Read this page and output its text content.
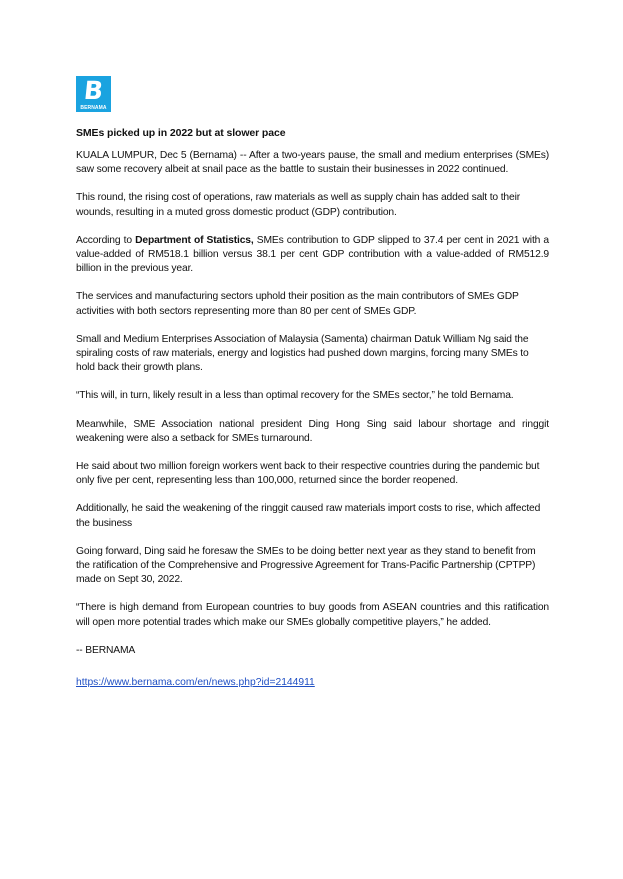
B
BERNAMA
SMEs picked up in 2022 but at slower pace

KUALA LUMPUR, Dec 5 (Bernama) -- After a two-years pause, the small and medium enterprises (SMEs) saw some recovery albeit at snail pace as the battle to sustain their businesses in 2022 continued.

This round, the rising cost of operations, raw materials as well as supply chain has added salt to their wounds, resulting in a muted gross domestic product (GDP) contribution.

According to Department of Statistics, SMEs contribution to GDP slipped to 37.4 per cent in 2021 with a value-added of RM518.1 billion versus 38.1 per cent GDP contribution with a value-added of RM512.9 billion in the previous year.

The services and manufacturing sectors uphold their position as the main contributors of SMEs GDP activities with both sectors representing more than 80 per cent of SMEs GDP.

Small and Medium Enterprises Association of Malaysia (Samenta) chairman Datuk William Ng said the spiraling costs of raw materials, energy and logistics had pushed down margins, forcing many SMEs to hold back their growth plans.

“This will, in turn, likely result in a less than optimal recovery for the SMEs sector,” he told Bernama.

Meanwhile, SME Association national president Ding Hong Sing said labour shortage and ringgit weakening were also a setback for SMEs turnaround.

He said about two million foreign workers went back to their respective countries during the pandemic but only five per cent, representing less than 100,000, returned since the border reopened.

Additionally, he said the weakening of the ringgit caused raw materials import costs to rise, which affected the business

Going forward, Ding said he foresaw the SMEs to be doing better next year as they stand to benefit from the ratification of the Comprehensive and Progressive Agreement for Trans-Pacific Partnership (CPTPP) made on Sept 30, 2022.

“There is high demand from European countries to buy goods from ASEAN countries and this ratification will open more potential trades which make our SMEs globally competitive players,” he added.

-- BERNAMA

https://www.bernama.com/en/news.php?id=2144911
